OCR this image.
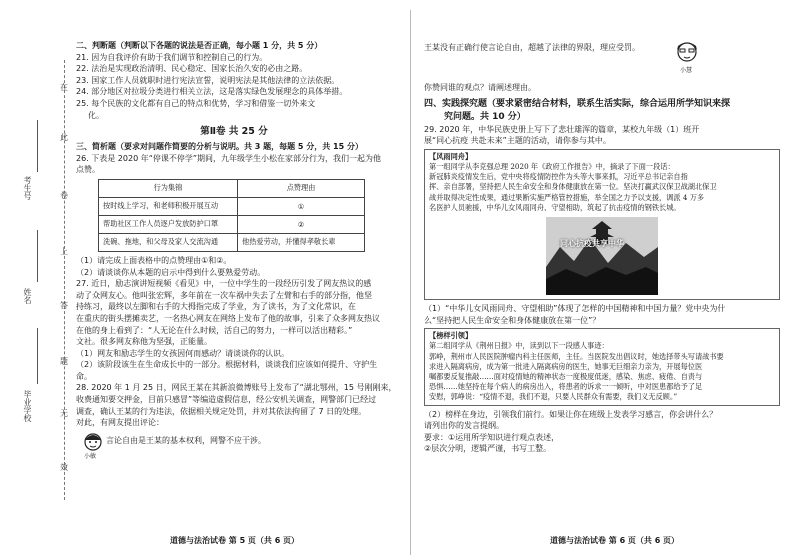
在
此
卷
上
答
题
无
效
考生号
姓名
毕业学校
二、判断题（判断以下各题的说法是否正确，每小题 1 分，共 5 分）
21. 因为自我评价有助于我们调节和控制自己的行为。
22. 法治是实现政治清明、民心稳定、国家长治久安的必由之路。
23. 国家工作人员就职时进行宪法宣誓，说明宪法是其他法律的立法依据。
24. 部分地区对拉圾分类进行相关立法，这是落实绿色发展理念的具体举措。
25. 每个民族的文化都有自己的特点和优势，学习和借鉴一切外来文
化。
第Ⅱ卷 共 25 分
三、简析题（要求对问题作简要的分析与说明。共 3 题，每题 5 分，共 15 分）
26. 下表是 2020 年“停课不停学”期间，九年级学生小松在家部分行为，我们一起为他
点赞。
行为集锦	点赞理由
按时线上学习，和老师积极开展互动	①
帮助社区工作人员逐户发放防护口罩	②
洗碗、拖地，和父母及家人交流沟通	他热爱劳动，并懂得孝敬长辈
（1）请完成上面表格中的点赞理由①和②。
（2）请谈谈你从本题的启示中得到什么要熟爱劳动。
27. 近日，励志演讲短视频《看见》中，一位中学生的一段经历引发了网友热议的感
动了众网友心。他叫张宏辉，多年前在一次车祸中失去了左臂和右手的部分指，他坚
持练习，最终以左脚和右手的大拇指完成了学业，为了读书，为了文化常识，在
在重庆的街头摆摊卖艺，一名热心网友在网络上发布了他的故事，引来了众多网友热议
在他的身上看到了：“人无论在什么时候，活自己的努力，一样可以活出精彩。”
文社。很多网友称他为坚强，正能量。
（1）网友和励志学生的女孩因何而感动？请谈谈你的认识。
（2）该阶段该生在生命成长中的一部分。根据材料，谈谈我们应该如何提升、守护生
命。
28. 2020 年 1 月 25 日，网民王某在其新浪微博账号上发布了“湖北鄂州，15 号刚刚来，
收费通知要交押金，目前只感冒”等编造虚假信息，经公安机关调查，网警部门已经过
调查，确认王某的行为违法，依据相关规定处罚，并对其依法拘留了 7 日的处理。
对此，有网友提出评论：
小敏
言论自由是王某的基本权利，网警不应干涉。
道德与法治试卷 第 5 页（共 6 页）
王某没有正确行使言论自由，超越了法律的界限，理应受罚。
小慧
你赞同谁的观点？请阐述理由。
四、实践探究题（要求紧密结合材料，联系生活实际，综合运用所学知识来探
究问题。共 10 分）
29. 2020 年，中华民族史册上写下了悲壮雄浑的篇章，某校九年级（1）班开
展“同心抗疫 共赴未来”主题的活动，请你参与其中。
【风雨同舟】
第一组同学从李克强总理 2020 年《政府工作报告》中，摘录了下面一段话：
新冠肺炎疫情发生后，党中央将疫情防控作为头等大事来抓，习近平总书记亲自指
挥、亲自部署，坚持把人民生命安全和身体健康放在第一位。坚决打赢武汉保卫战湖北保卫
战并取得决定性成果，通过果断实施严格管控措施，举全国之力予以支援，调派 4 万多
名医护人员驰援，中华儿女风雨同舟、守望相助，筑起了抗击疫情的钢铁长城。
同心抗疫共享中华
（1）“中华儿女风雨同舟、守望相助”体现了怎样的中国精神和中国力量？党中央为什
么“坚持把人民生命安全和身体健康放在第一位”？
【榜样引领】
第二组同学从《荆州日报》中，读到以下一段感人事迹：
郭峥，荆州市人民医院肿瘤内科主任医师，主任。当医院发出倡议时，她选择带头写请战书要
求进入隔离病房，成为第一批进入隔离病房的医生，她事无巨细亲力亲为，开展每位医
嘱都要反复推敲……面对疫情她的精神状态一度极度低迷，感染、焦虑、疲倦、自责与
恐惧……她坚持在每个病人的病房出入，将患者的诉求一一倾听，中对医患都给予了足
安慰，郭峥说：“疫情不退，我们不退，只要人民群众有需要，我们义无反顾。”
（2）榜样在身边，引领我们前行。如果让你在班级上发表学习感言，你会讲什么？
请列出你的发言提纲。
要求：①运用所学知识进行观点表述，
②层次分明，逻辑严谨，书写工整。
道德与法治试卷 第 6 页（共 6 页）
